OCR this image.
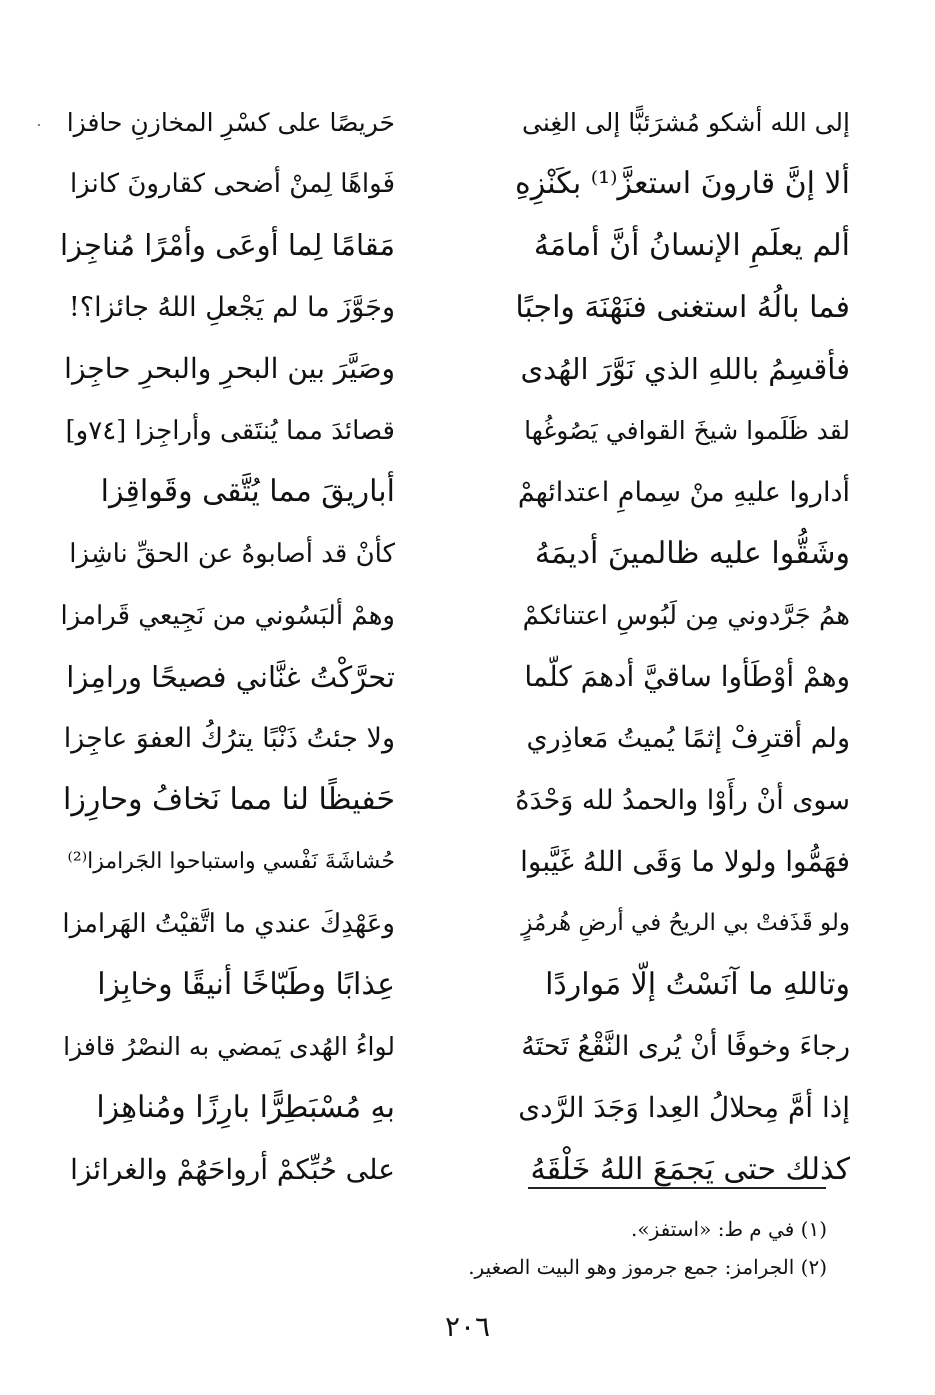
إلى الله أشكو مُشرَئبًّا إلى الغِنى
حَريصًا على كسْرِ المخازنِ حافزا
ألا إنَّ قارونَ استعزَّ⁽¹⁾ بكَنْزِهِ
فَواهًا لِمنْ أضحى كقارونَ كانزا
ألم يعلَمِ الإنسانُ أنَّ أمامَهُ
مَقامًا لِما أوعَى وأمْرًا مُناجِزا
فما بالُهُ استغنى فنَهْنَهَ واجبًا
وجَوَّزَ ما لم يَجْعلِ اللهُ جائزا؟!
فأقسِمُ باللهِ الذي نَوَّرَ الهُدى
وصَيَّرَ بين البحرِ والبحرِ حاجِزا
لقد ظَلَموا شيخَ القوافي يَصُوغُها
قصائدَ مما يُنتَقى وأراجِزا [٧٤و]
أداروا عليهِ منْ سِمامِ اعتدائهمْ
أباريقَ مما يُتَّقى وقَواقِزا
وشَقُّوا عليه ظالمينَ أديمَهُ
كأنْ قد أصابوهُ عن الحقِّ ناشِزا
همُ جَرَّدوني مِن لَبُوسِ اعتنائكمْ
وهمْ ألبَسُوني من نَجِيعي قَرامزا
وهمْ أوْطَأوا ساقيَّ أدهمَ كلّما
تحرَّكْتُ غنَّاني فصيحًا ورامِزا
ولم أقترِفْ إثمًا يُميتُ مَعاذِري
ولا جئتُ ذَنْبًا يترُكُ العفوَ عاجِزا
سوى أنْ رأَوْا والحمدُ لله وَحْدَهُ
حَفيظًا لنا مما نَخافُ وحارِزا
فهَمُّوا ولولا ما وَقَى اللهُ غَيَّبوا
حُشاشَةَ نَفْسي واستباحوا الجَرامزا⁽²⁾
ولو قَذَفتْ بي الريحُ في أرضِ هُرمُزٍ
وعَهْدِكَ عندي ما اتَّقيْتُ الهَرامزا
وتاللهِ ما آنَسْتُ إلّا مَواردًا
عِذابًا وطَبّاخًا أنيقًا وخابِزا
رجاءَ وخوفًا أنْ يُرى النَّقْعُ تَحتَهُ
لواءُ الهُدى يَمضي به النصْرُ قافزا
إذا أمَّ مِحلالُ العِدا وَجَدَ الرَّدى
بهِ مُسْبَطِرًّا بارِزًا ومُناهِزا
كذلك حتى يَجمَعَ اللهُ خَلْقَهُ
على حُبِّكمْ أرواحَهُمْ والغرائزا
(١) في م ط: «استفز».
(٢) الجرامز: جمع جرموز وهو البيت الصغير.
٢٠٦
